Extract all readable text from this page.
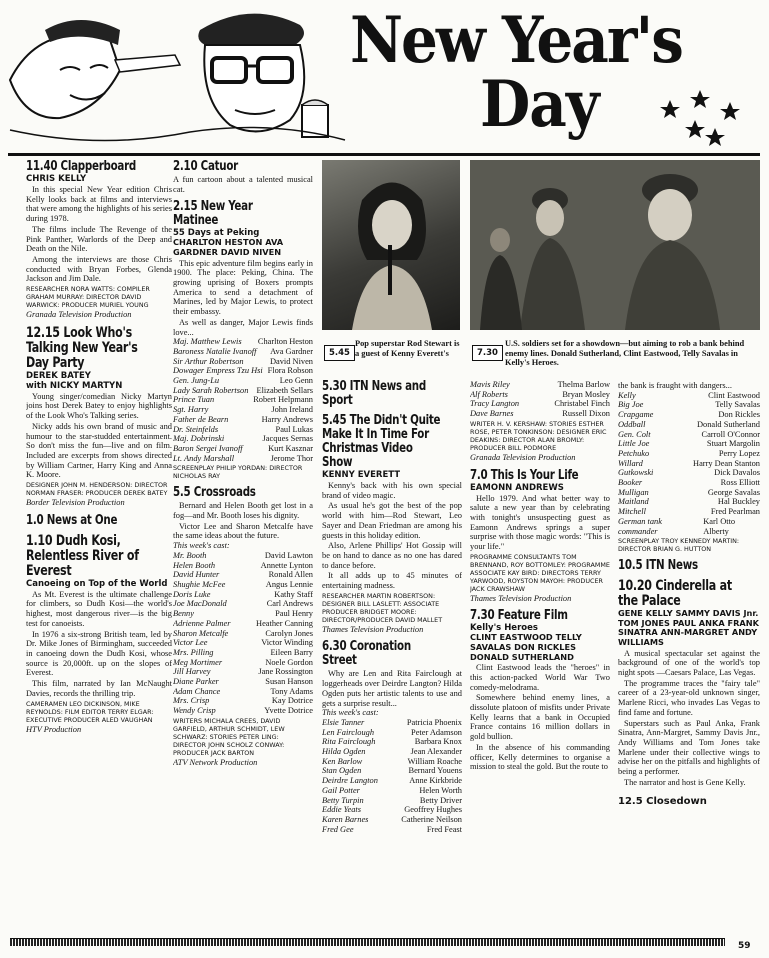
New Year's
Day
11.40 Clapperboard
CHRIS KELLY
In this special New Year edition Chris Kelly looks back at films and interviews that were among the highlights of his series during 1978.
The films include The Revenge of the Pink Panther, Warlords of the Deep and Death on the Nile.
Among the interviews are those Chris conducted with Bryan Forbes, Glenda Jackson and Jim Dale.
RESEARCHER NORA WATTS: COMPILER GRAHAM MURRAY: DIRECTOR DAVID WARWICK: PRODUCER MURIEL YOUNG
Granada Television Production
12.15 Look Who's Talking New Year's Day Party
DEREK BATEY
with NICKY MARTYN
Young singer/comedian Nicky Martyn joins host Derek Batey to enjoy highlights of the Look Who's Talking series.
Nicky adds his own brand of music and humour to the star-studded entertainment. So don't miss the fun—live and on film. Included are excerpts from shows directed by William Cartner, Harry King and Anna K. Moore.
DESIGNER JOHN M. HENDERSON: DIRECTOR NORMAN FRASER: PRODUCER DEREK BATEY
Border Television Production
1.0 News at One
1.10 Dudh Kosi, Relentless River of Everest
Canoeing on Top of the World
As Mt. Everest is the ultimate challenge for climbers, so Dudh Kosi—the world's highest, most dangerous river—is the big test for canoeists.
In 1976 a six-strong British team, led by Dr. Mike Jones of Birmingham, succeeded in canoeing down the Dudh Kosi, whose source is 20,000ft. up on the slopes of Everest.
This film, narrated by Ian McNaught Davies, records the thrilling trip.
CAMERAMEN LEO DICKINSON, MIKE REYNOLDS: FILM EDITOR TERRY ELGAR: EXECUTIVE PRODUCER ALED VAUGHAN
HTV Production
2.10 Catuor
A fun cartoon about a talented musical cat.
2.15 New Year Matinee
55 Days at Peking
CHARLTON HESTON AVA GARDNER DAVID NIVEN
This epic adventure film begins early in 1900. The place: Peking, China. The growing uprising of Boxers prompts America to send a detachment of Marines, led by Major Lewis, to protect their embassy.
As well as danger, Major Lewis finds love...
Maj. Matthew Lewis Charlton Heston
Baroness Natalie Ivanoff Ava Gardner
Sir Arthur Robertson	David Niven
Dowager Empress Tzu Hsi Flora Robson
Gen. Jung-Lu	Leo Genn
Lady Sarah Robertson Elizabeth Sellars
Prince Tuan	Robert Helpmann
Sgt. Harry	John Ireland
Father de Bearn	Harry Andrews
Dr. Steinfelds	Paul Lukas
Maj. Dobrinski	Jacques Sernas
Baron Sergei Ivanoff	Kurt Kasznar
Lt. Andy Marshall	Jerome Thor
SCREENPLAY PHILIP YORDAN: DIRECTOR NICHOLAS RAY
5.5 Crossroads
Bernard and Helen Booth get lost in a fog—and Mr. Booth loses his dignity.
Victor Lee and Sharon Metcalfe have the same ideas about the future.
This week's cast:
Mr. Booth	David Lawton
Helen Booth	Annette Lynton
David Hunter	Ronald Allen
Shughie McFee	Angus Lennie
Doris Luke	Kathy Staff
Joe MacDonald	Carl Andrews
Benny	Paul Henry
Adrienne Palmer	Heather Canning
Sharon Metcalfe	Carolyn Jones
Victor Lee	Victor Winding
Mrs. Pilling	Eileen Barry
Meg Mortimer	Noele Gordon
Jill Harvey	Jane Rossington
Diane Parker	Susan Hanson
Adam Chance	Tony Adams
Mrs. Crisp	Kay Dotrice
Wendy Crisp	Yvette Dotrice
WRITERS MICHALA CREES, DAVID GARFIELD, ARTHUR SCHMIDT, LEW SCHWARZ: STORIES PETER LING: DIRECTOR JOHN SCHOLZ CONWAY: PRODUCER JACK BARTON
ATV Network Production
5.45
Pop superstar Rod Stewart is a guest of Kenny Everett's	7.30
U.S. soldiers set for a showdown—but aiming to rob a bank behind enemy lines. Donald Sutherland, Clint Eastwood, Telly Savalas in Kelly's Heroes.
5.30 ITN News and Sport
5.45 The Didn't Quite Make It In Time For Christmas Video Show
KENNY EVERETT
Kenny's back with his own special brand of video magic.
As usual he's got the best of the pop world with him—Rod Stewart, Leo Sayer and Dean Friedman are among his guests in this holiday edition.
Also, Arlene Phillips' Hot Gossip will be on hand to dance as no one has dared to dance before.
It all adds up to 45 minutes of entertaining madness.
RESEARCHER MARTIN ROBERTSON: DESIGNER BILL LASLETT: ASSOCIATE PRODUCER BRIDGET MOORE: DIRECTOR/PRODUCER DAVID MALLET
Thames Television Production
6.30 Coronation Street
Why are Len and Rita Fairclough at loggerheads over Deirdre Langton? Hilda Ogden puts her artistic talents to use and gets a surprise result...
This week's cast:
Elsie Tanner	Patricia Phoenix
Len Fairclough	Peter Adamson
Rita Fairclough	Barbara Knox
Hilda Ogden	Jean Alexander
Ken Barlow	William Roache
Stan Ogden	Bernard Youens
Deirdre Langton	Anne Kirkbride
Gail Potter	Helen Worth
Betty Turpin	Betty Driver
Eddie Yeats	Geoffrey Hughes
Karen Barnes	Catherine Neilson
Fred Gee	Fred Feast
Mavis Riley	Thelma Barlow
Alf Roberts	Bryan Mosley
Tracy Langton	Christabel Finch
Dave Barnes	Russell Dixon
WRITER H. V. KERSHAW: STORIES ESTHER ROSE, PETER TONKINSON: DESIGNER ERIC DEAKINS: DIRECTOR ALAN BROMLY: PRODUCER BILL PODMORE
Granada Television Production
7.0 This Is Your Life
EAMONN ANDREWS
Hello 1979. And what better way to salute a new year than by celebrating with tonight's unsuspecting guest as Eamonn Andrews springs a super surprise with those magic words: "This is your life."
PROGRAMME CONSULTANTS TOM BRENNAND, ROY BOTTOMLEY: PROGRAMME ASSOCIATE KAY BIRD: DIRECTORS TERRY YARWOOD, ROYSTON MAYOH: PRODUCER JACK CRAWSHAW
Thames Television Production
7.30 Feature Film
Kelly's Heroes
CLINT EASTWOOD TELLY SAVALAS DON RICKLES DONALD SUTHERLAND
Clint Eastwood leads the "heroes" in this action-packed World War Two comedy-melodrama.
Somewhere behind enemy lines, a dissolute platoon of misfits under Private Kelly learns that a bank in Occupied France contains 16 million dollars in gold bullion.
In the absence of his commanding officer, Kelly determines to organise a mission to steal the gold. But the route to
the bank is fraught with dangers...
Kelly	Clint Eastwood
Big Joe	Telly Savalas
Crapgame	Don Rickles
Oddball	Donald Sutherland
Gen. Colt	Carroll O'Connor
Little Joe	Stuart Margolin
Petchuko	Perry Lopez
Willard	Harry Dean Stanton
Gutkowski	Dick Davalos
Booker	Ross Elliott
Mulligan	George Savalas
Maitland	Hal Buckley
Mitchell	Fred Pearlman
German tank commander
Karl Otto Alberty
SCREENPLAY TROY KENNEDY MARTIN: DIRECTOR BRIAN G. HUTTON
10.5 ITN News
10.20 Cinderella at the Palace
GENE KELLY SAMMY DAVIS Jnr. TOM JONES PAUL ANKA FRANK SINATRA ANN-MARGRET ANDY WILLIAMS
A musical spectacular set against the background of one of the world's top night spots —Caesars Palace, Las Vegas.
The programme traces the "fairy tale" career of a 23-year-old unknown singer, Marlene Ricci, who invades Las Vegas to find fame and fortune.
Superstars such as Paul Anka, Frank Sinatra, Ann-Margret, Sammy Davis Jnr., Andy Williams and Tom Jones take Marlene under their collective wings to advise her on the pitfalls and highlights of being a performer.
The narrator and host is Gene Kelly.
12.5 Closedown
59
